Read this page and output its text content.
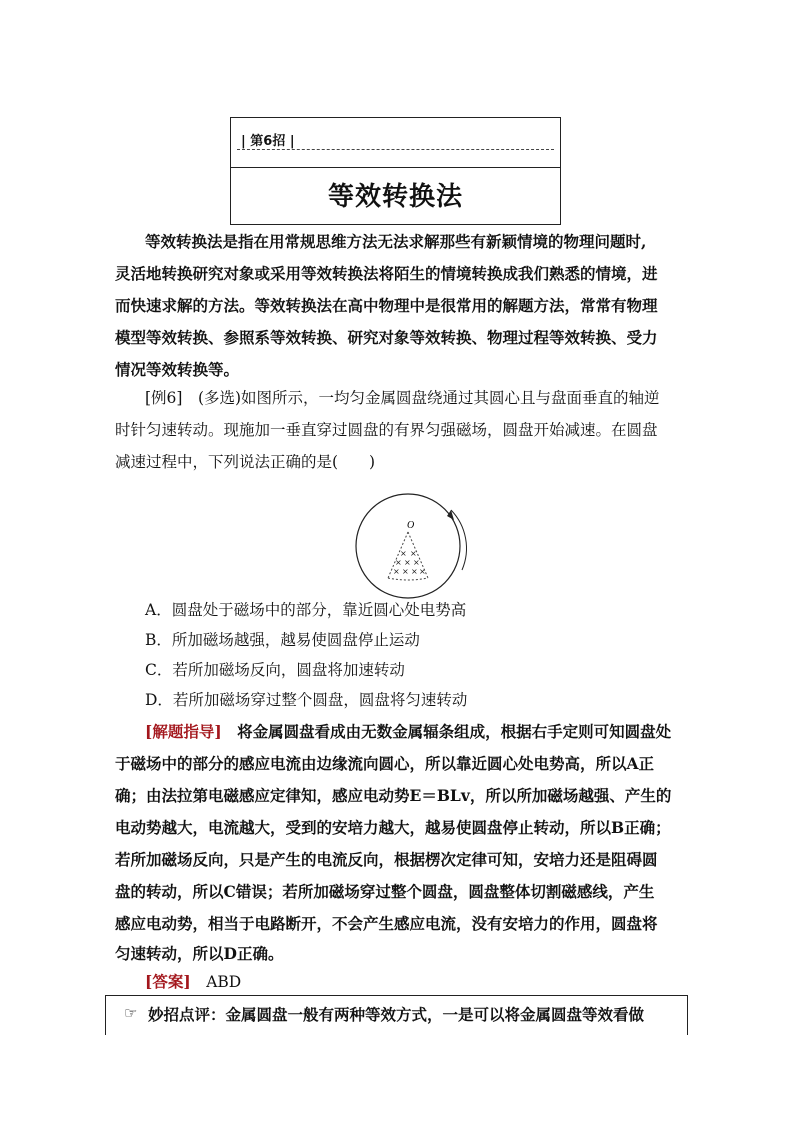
| 第6招 |
等效转换法
等效转换法是指在用常规思维方法无法求解那些有新颖情境的物理问题时,
灵活地转换研究对象或采用等效转换法将陌生的情境转换成我们熟悉的情境，进
而快速求解的方法。等效转换法在高中物理中是很常用的解题方法，常常有物理
模型等效转换、参照系等效转换、研究对象等效转换、物理过程等效转换、受力
情况等效转换等。
[例6]　(多选)如图所示，一均匀金属圆盘绕通过其圆心且与盘面垂直的轴逆
时针匀速转动。现施加一垂直穿过圆盘的有界匀强磁场，圆盘开始减速。在圆盘
减速过程中，下列说法正确的是(　　)
O
× ×
× × ×
× × × ×
A．圆盘处于磁场中的部分，靠近圆心处电势高
B．所加磁场越强，越易使圆盘停止运动
C．若所加磁场反向，圆盘将加速转动
D．若所加磁场穿过整个圆盘，圆盘将匀速转动
[解题指导]　将金属圆盘看成由无数金属辐条组成，根据右手定则可知圆盘处
于磁场中的部分的感应电流由边缘流向圆心，所以靠近圆心处电势高，所以A正
确；由法拉第电磁感应定律知，感应电动势E＝BLv，所以所加磁场越强、产生的
电动势越大，电流越大，受到的安培力越大，越易使圆盘停止转动，所以B正确；
若所加磁场反向，只是产生的电流反向，根据楞次定律可知，安培力还是阻碍圆
盘的转动，所以C错误；若所加磁场穿过整个圆盘，圆盘整体切割磁感线，产生
感应电动势，相当于电路断开，不会产生感应电流，没有安培力的作用，圆盘将
匀速转动，所以D正确。
[答案]　 ABD
☞ 妙招点评：金属圆盘一般有两种等效方式，一是可以将金属圆盘等效看做
